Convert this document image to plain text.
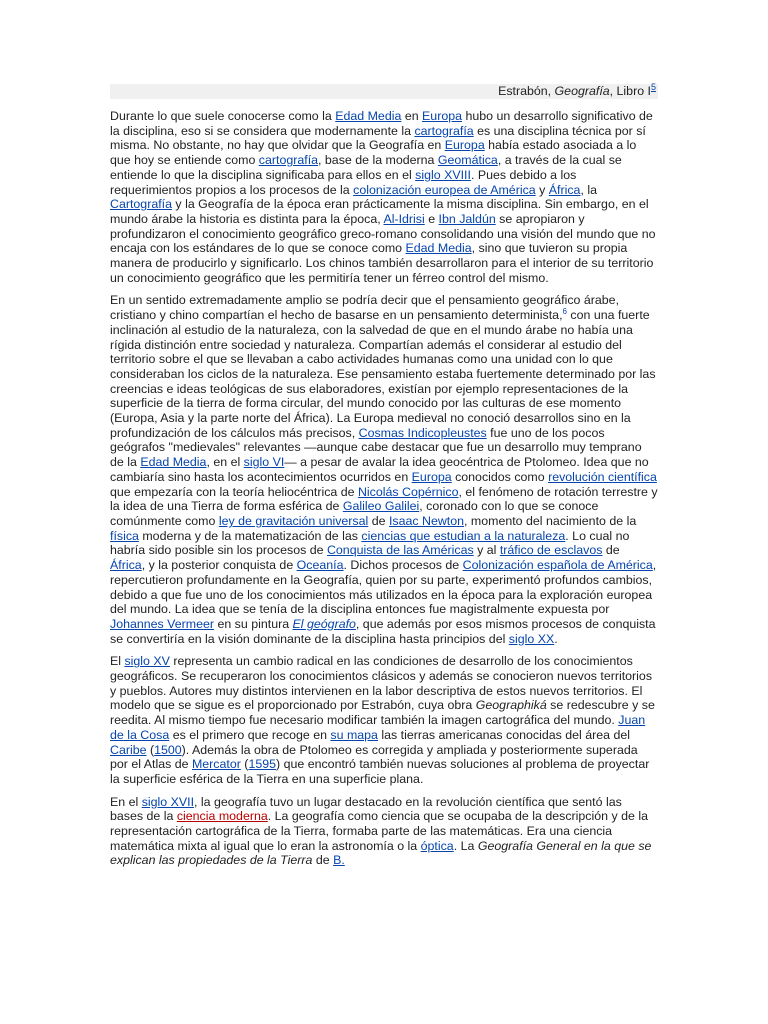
Estrabón, Geografía, Libro I$^5$

Durante lo que suele conocerse como la Edad Media en Europa hubo un desarrollo significativo de la disciplina, eso si se considera que modernamente la cartografía es una disciplina técnica por sí misma. No obstante, no hay que olvidar que la Geografía en Europa había estado asociada a lo que hoy se entiende como cartografía, base de la moderna Geomática, a través de la cual se entiende lo que la disciplina significaba para ellos en el siglo XVIII. Pues debido a los requerimientos propios a los procesos de la colonización europea de América y África, la Cartografía y la Geografía de la época eran prácticamente la misma disciplina. Sin embargo, en el mundo árabe la historia es distinta para la época, Al-Idrisi e Ibn Jaldún se apropiaron y profundizaron el conocimiento geográfico greco-romano consolidando una visión del mundo que no encaja con los estándares de lo que se conoce como Edad Media, sino que tuvieron su propia manera de producirlo y significarlo. Los chinos también desarrollaron para el interior de su territorio un conocimiento geográfico que les permitiría tener un férreo control del mismo.

En un sentido extremadamente amplio se podría decir que el pensamiento geográfico árabe, cristiano y chino compartían el hecho de basarse en un pensamiento determinista,$^6$ con una fuerte inclinación al estudio de la naturaleza, con la salvedad de que en el mundo árabe no había una rígida distinción entre sociedad y naturaleza. Compartían además el considerar al estudio del territorio sobre el que se llevaban a cabo actividades humanas como una unidad con lo que consideraban los ciclos de la naturaleza. Ese pensamiento estaba fuertemente determinado por las creencias e ideas teológicas de sus elaboradores, existían por ejemplo representaciones de la superficie de la tierra de forma circular, del mundo conocido por las culturas de ese momento (Europa, Asia y la parte norte del África). La Europa medieval no conoció desarrollos sino en la profundización de los cálculos más precisos, Cosmas Indicopleustes fue uno de los pocos geógrafos "medievales" relevantes —aunque cabe destacar que fue un desarrollo muy temprano de la Edad Media, en el siglo VI— a pesar de avalar la idea geocéntrica de Ptolomeo. Idea que no cambiaría sino hasta los acontecimientos ocurridos en Europa conocidos como revolución científica que empezaría con la teoría heliocéntrica de Nicolás Copérnico, el fenómeno de rotación terrestre y la idea de una Tierra de forma esférica de Galileo Galilei, coronado con lo que se conoce comúnmente como ley de gravitación universal de Isaac Newton, momento del nacimiento de la física moderna y de la matematización de las ciencias que estudian a la naturaleza. Lo cual no habría sido posible sin los procesos de Conquista de las Américas y al tráfico de esclavos de África, y la posterior conquista de Oceanía. Dichos procesos de Colonización española de América, repercutieron profundamente en la Geografía, quien por su parte, experimentó profundos cambios, debido a que fue uno de los conocimientos más utilizados en la época para la exploración europea del mundo. La idea que se tenía de la disciplina entonces fue magistralmente expuesta por Johannes Vermeer en su pintura El geógrafo, que además por esos mismos procesos de conquista se convertiría en la visión dominante de la disciplina hasta principios del siglo XX.

El siglo XV representa un cambio radical en las condiciones de desarrollo de los conocimientos geográficos. Se recuperaron los conocimientos clásicos y además se conocieron nuevos territorios y pueblos. Autores muy distintos intervienen en la labor descriptiva de estos nuevos territorios. El modelo que se sigue es el proporcionado por Estrabón, cuya obra Geographiká se redescubre y se reedita. Al mismo tiempo fue necesario modificar también la imagen cartográfica del mundo. Juan de la Cosa es el primero que recoge en su mapa las tierras americanas conocidas del área del Caribe (1500). Además la obra de Ptolomeo es corregida y ampliada y posteriormente superada por el Atlas de Mercator (1595) que encontró también nuevas soluciones al problema de proyectar la superficie esférica de la Tierra en una superficie plana.

En el siglo XVII, la geografía tuvo un lugar destacado en la revolución científica que sentó las bases de la ciencia moderna. La geografía como ciencia que se ocupaba de la descripción y de la representación cartográfica de la Tierra, formaba parte de las matemáticas. Era una ciencia matemática mixta al igual que lo eran la astronomía o la óptica. La Geografía General en la que se explican las propiedades de la Tierra de B.
